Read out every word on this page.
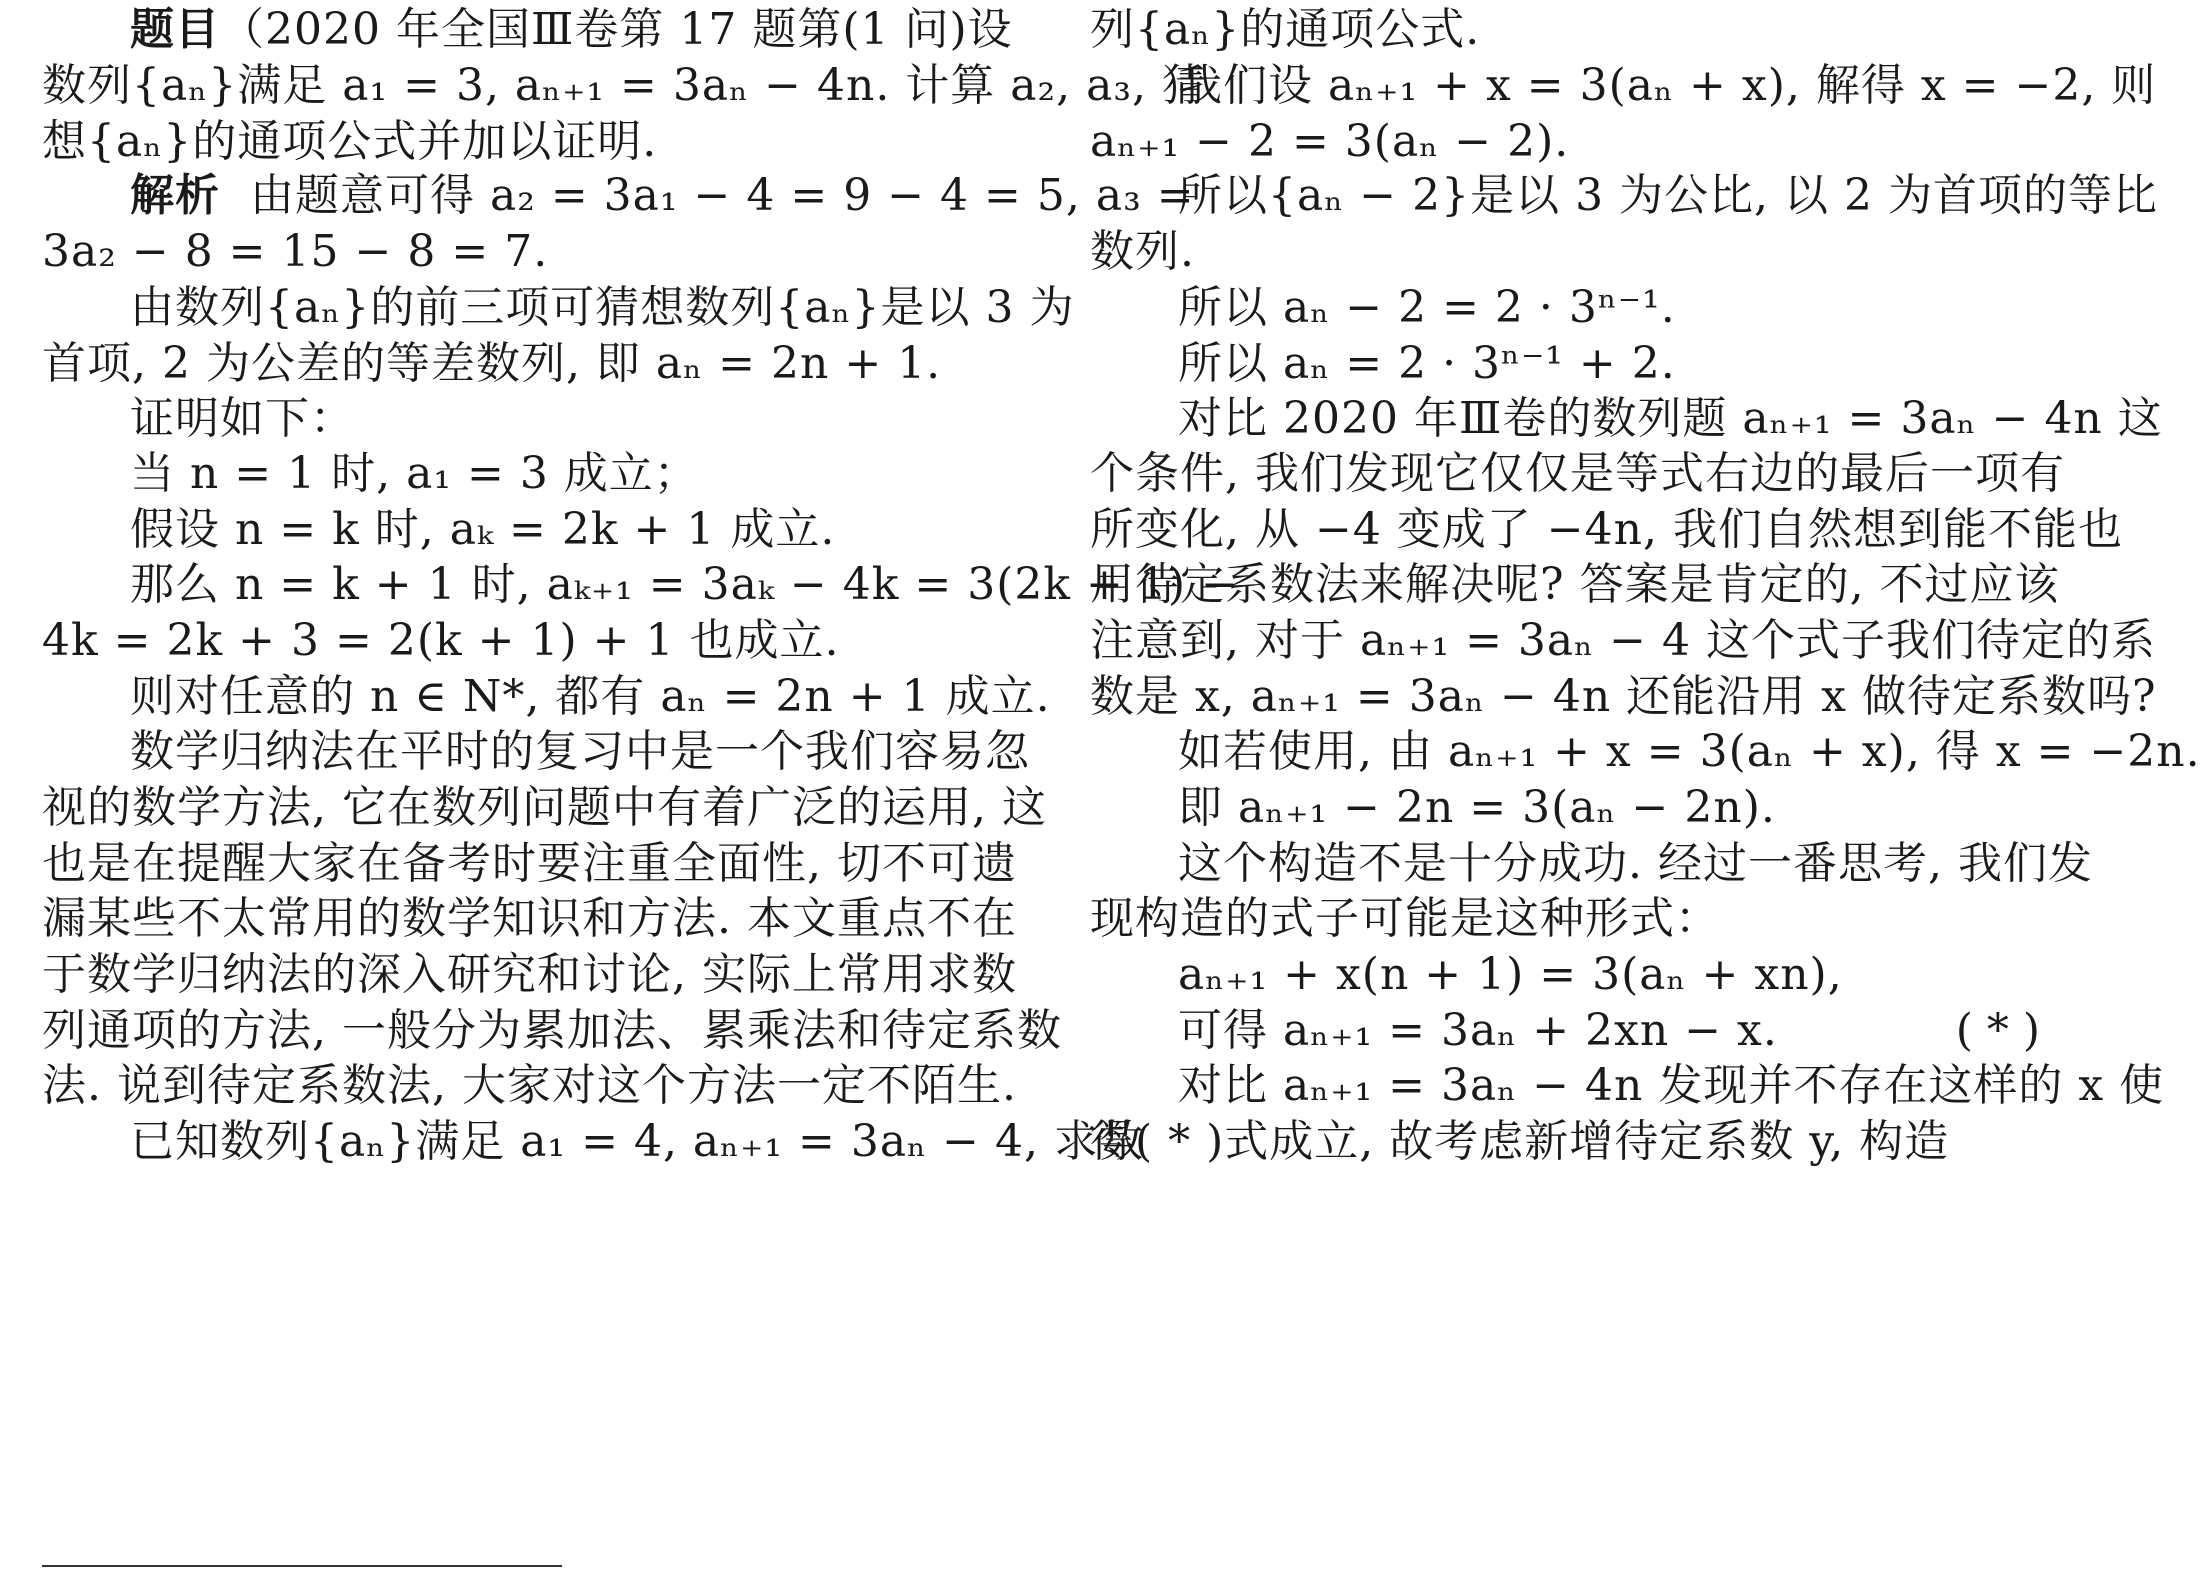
题目（2020 年全国Ⅲ卷第 17 题第(1 问)设
数列{aₙ}满足 a₁ = 3, aₙ₊₁ = 3aₙ − 4n. 计算 a₂, a₃, 猜
想{aₙ}的通项公式并加以证明.
解析 由题意可得 a₂ = 3a₁ − 4 = 9 − 4 = 5, a₃ =
3a₂ − 8 = 15 − 8 = 7.
由数列{aₙ}的前三项可猜想数列{aₙ}是以 3 为
首项, 2 为公差的等差数列, 即 aₙ = 2n + 1.
证明如下：
当 n = 1 时, a₁ = 3 成立；
假设 n = k 时, aₖ = 2k + 1 成立.
那么 n = k + 1 时, aₖ₊₁ = 3aₖ − 4k = 3(2k + 1) −
4k = 2k + 3 = 2(k + 1) + 1 也成立.
则对任意的 n ∈ N*, 都有 aₙ = 2n + 1 成立.
数学归纳法在平时的复习中是一个我们容易忽
视的数学方法, 它在数列问题中有着广泛的运用, 这
也是在提醒大家在备考时要注重全面性, 切不可遗
漏某些不太常用的数学知识和方法. 本文重点不在
于数学归纳法的深入研究和讨论, 实际上常用求数
列通项的方法, 一般分为累加法、累乘法和待定系数
法. 说到待定系数法, 大家对这个方法一定不陌生.
已知数列{aₙ}满足 a₁ = 4, aₙ₊₁ = 3aₙ − 4, 求数
列{aₙ}的通项公式.
我们设 aₙ₊₁ + x = 3(aₙ + x), 解得 x = −2, 则
aₙ₊₁ − 2 = 3(aₙ − 2).
所以{aₙ − 2}是以 3 为公比, 以 2 为首项的等比
数列.
所以 aₙ − 2 = 2 · 3ⁿ⁻¹.
所以 aₙ = 2 · 3ⁿ⁻¹ + 2.
对比 2020 年Ⅲ卷的数列题 aₙ₊₁ = 3aₙ − 4n 这
个条件, 我们发现它仅仅是等式右边的最后一项有
所变化, 从 −4 变成了 −4n, 我们自然想到能不能也
用待定系数法来解决呢? 答案是肯定的, 不过应该
注意到, 对于 aₙ₊₁ = 3aₙ − 4 这个式子我们待定的系
数是 x, aₙ₊₁ = 3aₙ − 4n 还能沿用 x 做待定系数吗?
如若使用, 由 aₙ₊₁ + x = 3(aₙ + x), 得 x = −2n.
即 aₙ₊₁ − 2n = 3(aₙ − 2n).
这个构造不是十分成功. 经过一番思考, 我们发
现构造的式子可能是这种形式：
aₙ₊₁ + x(n + 1) = 3(aₙ + xn),
可得 aₙ₊₁ = 3aₙ + 2xn − x.	( * )
对比 aₙ₊₁ = 3aₙ − 4n 发现并不存在这样的 x 使
得( * )式成立, 故考虑新增待定系数 y, 构造
